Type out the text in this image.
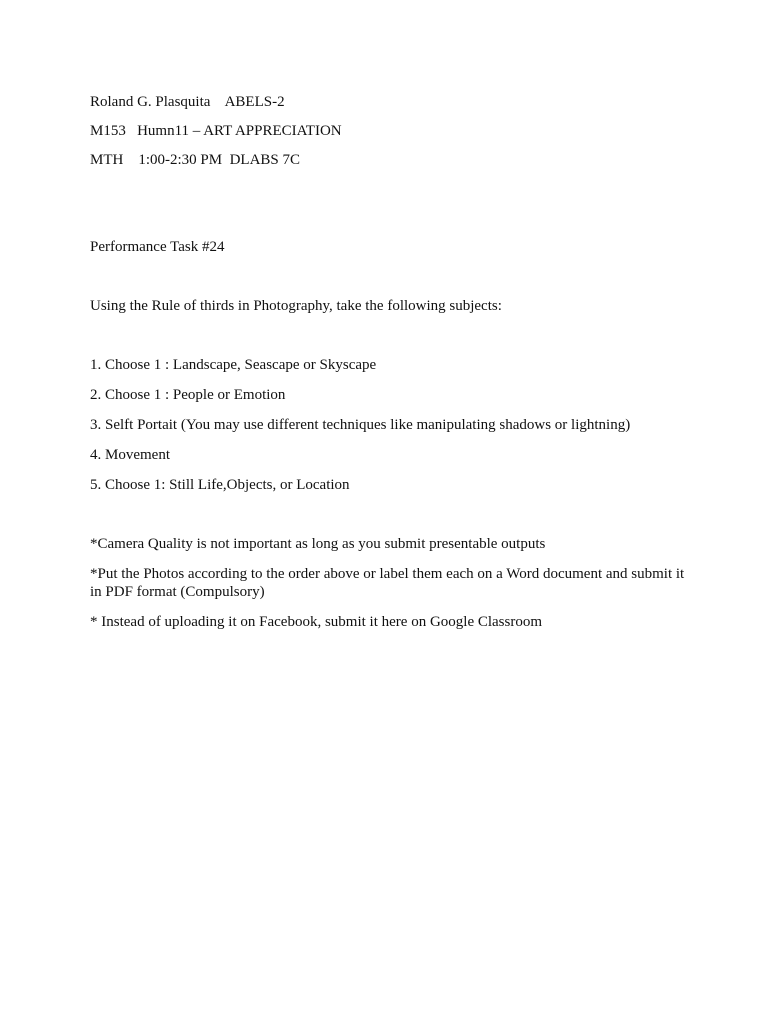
Roland G. Plasquita    ABELS-2
M153   Humn11 – ART APPRECIATION
MTH    1:00-2:30 PM  DLABS 7C
Performance Task #24
Using the Rule of thirds in Photography, take the following subjects:
1. Choose 1 : Landscape, Seascape or Skyscape
2. Choose 1 : People or Emotion
3. Selft Portait (You may use different techniques like manipulating shadows or lightning)
4. Movement
5. Choose 1: Still Life,Objects, or Location
*Camera Quality is not important as long as you submit presentable outputs
*Put the Photos according to the order above or label them each on a Word document and submit it in PDF format (Compulsory)
* Instead of uploading it on Facebook, submit it here on Google Classroom
